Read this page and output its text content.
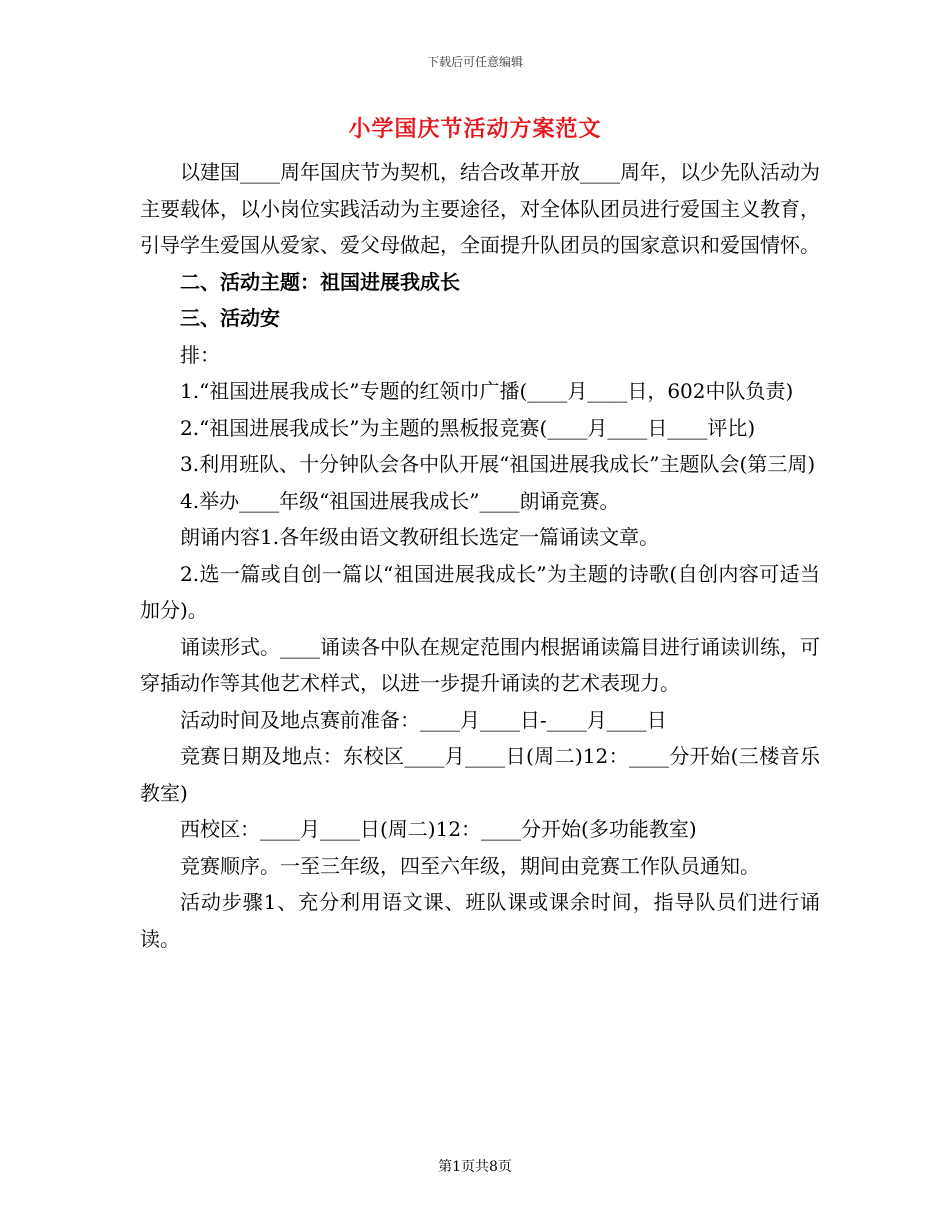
下载后可任意编辑
小学国庆节活动方案范文

以建国____周年国庆节为契机，结合改革开放____周年，以少先队活动为主要载体，以小岗位实践活动为主要途径，对全体队团员进行爱国主义教育，引导学生爱国从爱家、爱父母做起，全面提升队团员的国家意识和爱国情怀。

二、活动主题：祖国进展我成长

三、活动安

排：

1.“祖国进展我成长”专题的红领巾广播(____月____日，602中队负责)

2.“祖国进展我成长”为主题的黑板报竞赛(____月____日____评比)

3.利用班队、十分钟队会各中队开展“祖国进展我成长”主题队会(第三周)

4.举办____年级“祖国进展我成长”____朗诵竞赛。

朗诵内容1.各年级由语文教研组长选定一篇诵读文章。

2.选一篇或自创一篇以“祖国进展我成长”为主题的诗歌(自创内容可适当加分)。

诵读形式。____诵读各中队在规定范围内根据诵读篇目进行诵读训练，可穿插动作等其他艺术样式，以进一步提升诵读的艺术表现力。

活动时间及地点赛前准备：____月____日-____月____日

竞赛日期及地点：东校区____月____日(周二)12：____分开始(三楼音乐教室)

西校区：____月____日(周二)12：____分开始(多功能教室)

竞赛顺序。一至三年级，四至六年级，期间由竞赛工作队员通知。

活动步骤1、充分利用语文课、班队课或课余时间，指导队员们进行诵读。

第1页共8页
